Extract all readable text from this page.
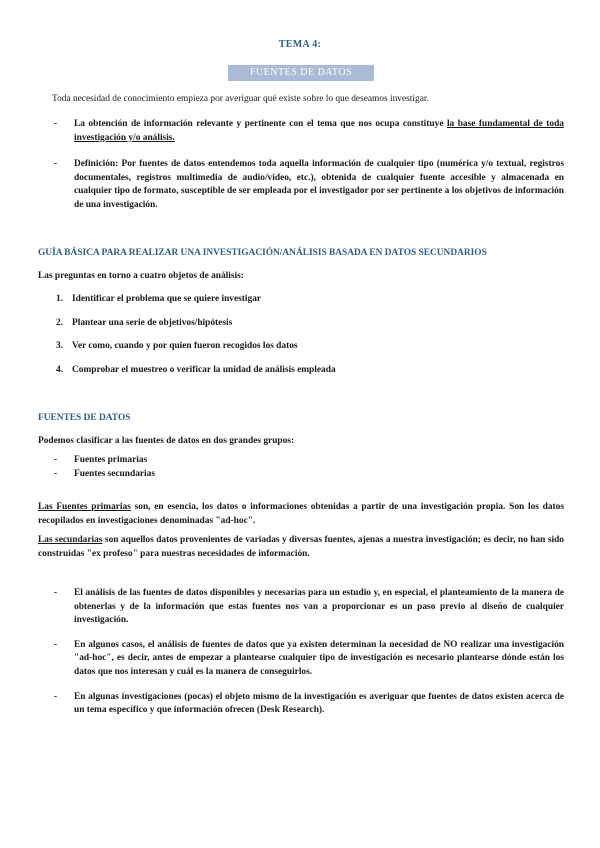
TEMA 4:
FUENTES DE DATOS
Toda necesidad de conocimiento empieza por averiguar qué existe sobre lo que deseamos investigar.
- La obtención de información relevante y pertinente con el tema que nos ocupa constituye la base fundamental de toda investigación y/o análisis.
- Definición: Por fuentes de datos entendemos toda aquella información de cualquier tipo (numérica y/o textual, registros documentales, registros multimedia de audio/video, etc.), obtenida de cualquier fuente accesible y almacenada en cualquier tipo de formato, susceptible de ser empleada por el investigador por ser pertinente a los objetivos de información de una investigación.
GUÍA BÁSICA PARA REALIZAR UNA INVESTIGACIÓN/ANÁLISIS BASADA EN DATOS SECUNDARIOS
Las preguntas en torno a cuatro objetos de análisis:
1. Identificar el problema que se quiere investigar
2. Plantear una serie de objetivos/hipótesis
3. Ver como, cuando y por quien fueron recogidos los datos
4. Comprobar el muestreo o verificar la unidad de análisis empleada
FUENTES DE DATOS
Podemos clasificar a las fuentes de datos en dos grandes grupos:
- Fuentes primarias
- Fuentes secundarias
Las Fuentes primarias son, en esencia, los datos o informaciones obtenidas a partir de una investigación propia. Son los datos recopilados en investigaciones denominadas "ad-hoc".
Las secundarias son aquellos datos provenientes de variadas y diversas fuentes, ajenas a nuestra investigación; es decir, no han sido construidas "ex profeso" para nuestras necesidades de información.
- El análisis de las fuentes de datos disponibles y necesarias para un estudio y, en especial, el planteamiento de la manera de obtenerlas y de la información que estas fuentes nos van a proporcionar es un paso previo al diseño de cualquier investigación.
- En algunos casos, el análisis de fuentes de datos que ya existen determinan la necesidad de NO realizar una investigación "ad-hoc", es decir, antes de empezar a plantearse cualquier tipo de investigación es necesario plantearse dónde están los datos que nos interesan y cuál es la manera de conseguirlos.
- En algunas investigaciones (pocas) el objeto mismo de la investigación es averiguar que fuentes de datos existen acerca de un tema específico y que información ofrecen (Desk Research).
